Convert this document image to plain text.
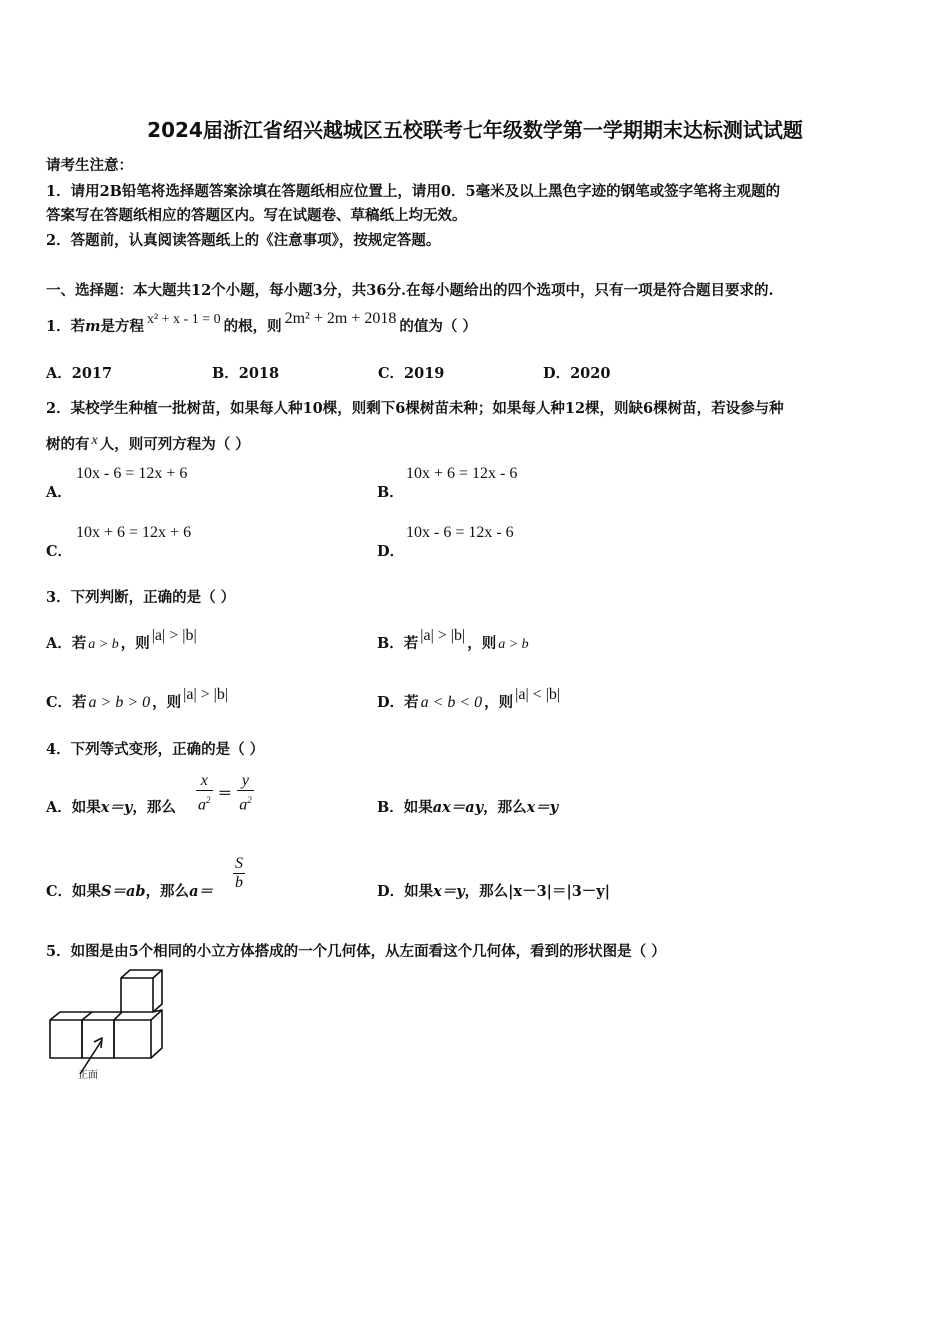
2024届浙江省绍兴越城区五校联考七年级数学第一学期期末达标测试试题
请考生注意：
1．请用2B铅笔将选择题答案涂填在答题纸相应位置上，请用0．5毫米及以上黑色字迹的钢笔或签字笔将主观题的
答案写在答题纸相应的答题区内。写在试题卷、草稿纸上均无效。
2．答题前，认真阅读答题纸上的《注意事项》，按规定答题。
一、选择题：本大题共12个小题，每小题3分，共36分.在每小题给出的四个选项中，只有一项是符合题目要求的.
1．若m是方程 x² + x - 1 = 0 的根，则 2m² + 2m + 2018 的值为（ ）
A．2017	B．2018	C．2019	D．2020
2．某校学生种植一批树苗，如果每人种10棵，则剩下6棵树苗未种；如果每人种12棵，则缺6棵树苗，若设参与种
树的有 x 人，则可列方程为（ ）
A．
10x - 6 = 12x + 6
B．
10x + 6 = 12x - 6
C．
10x + 6 = 12x + 6
D．
10x - 6 = 12x - 6
3．下列判断，正确的是（ ）
A．若 a > b ，则 |a| > |b|	B．若 |a| > |b| ，则 a > b
C．若 a > b > 0 ，则 |a| > |b|	D．若 a < b < 0 ，则 |a| < |b|
4．下列等式变形，正确的是（ ）
A．如果x＝y，那么 $\frac{x}{a^2} = \frac{y}{a^2}$	B．如果ax＝ay，那么x＝y
C．如果S＝ab，那么$a= \frac{S}{b}$	D．如果x＝y，那么|x－3|＝|3－y|
5．如图是由5个相同的小立方体搭成的一个几何体，从左面看这个几何体，看到的形状图是（ ）
正面
